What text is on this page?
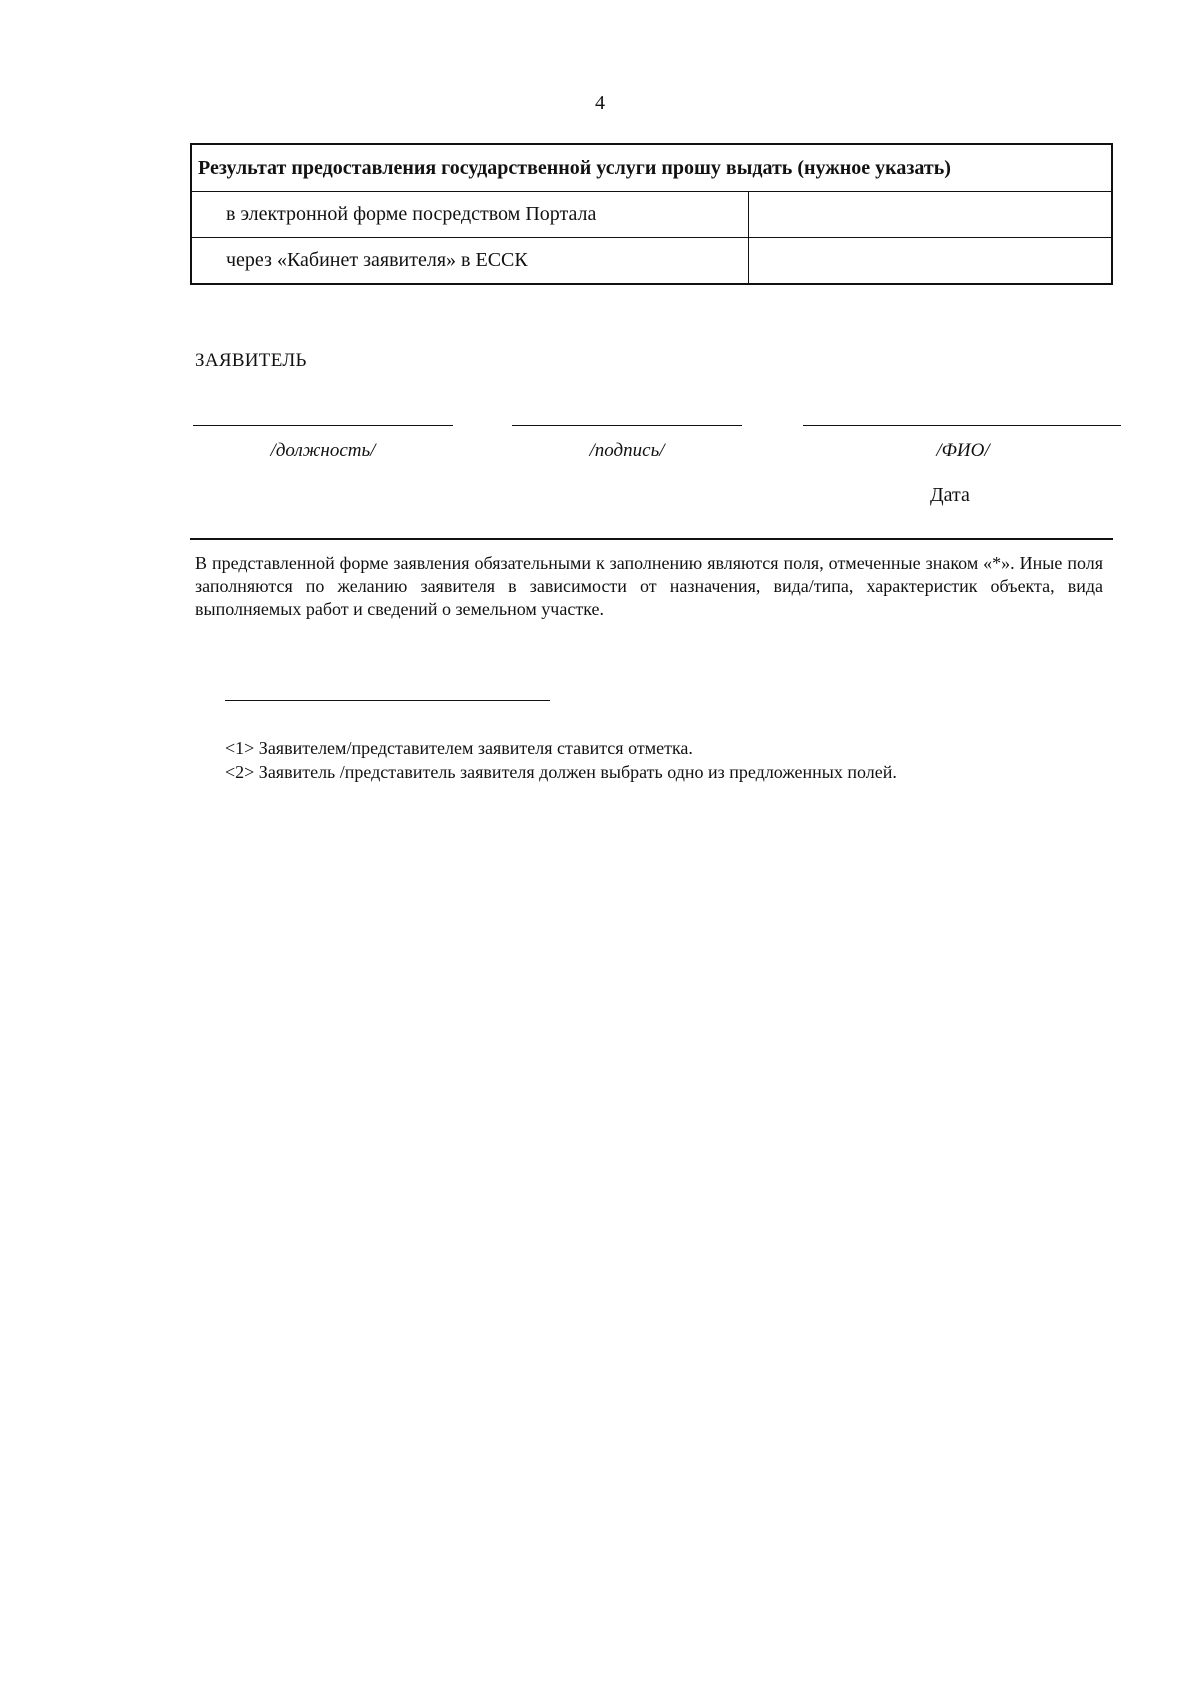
4
Результат предоставления государственной услуги прошу выдать (нужное указать)	
в электронной форме посредством Портала	
через «Кабинет заявителя» в ЕССК	
ЗАЯВИТЕЛЬ
/должность/	/подпись/	/ФИО/
Дата
В представленной форме заявления обязательными к заполнению являются поля, отмеченные знаком «*». Иные поля заполняются по желанию заявителя в зависимости от назначения, вида/типа, характеристик объекта, вида выполняемых работ и сведений о земельном участке.
<1> Заявителем/представителем заявителя ставится отметка.
<2> Заявитель /представитель заявителя должен выбрать одно из предложенных полей.
